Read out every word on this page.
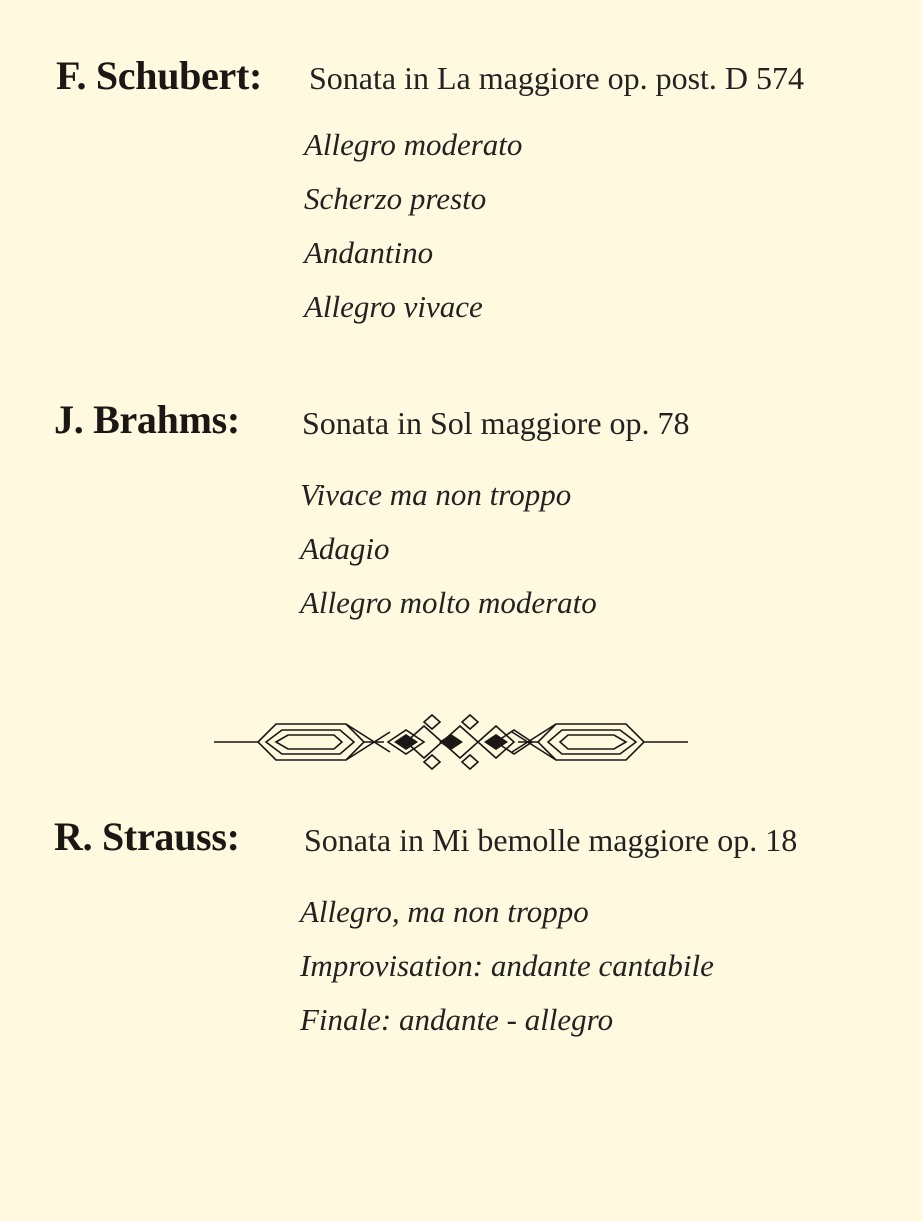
F. Schubert: Sonata in La maggiore op. post. D 574
Allegro moderato
Scherzo presto
Andantino
Allegro vivace
J. Brahms: Sonata in Sol maggiore op. 78
Vivace ma non troppo
Adagio
Allegro molto moderato
R. Strauss: Sonata in Mi bemolle maggiore op. 18
Allegro, ma non troppo
Improvisation: andante cantabile
Finale: andante - allegro
